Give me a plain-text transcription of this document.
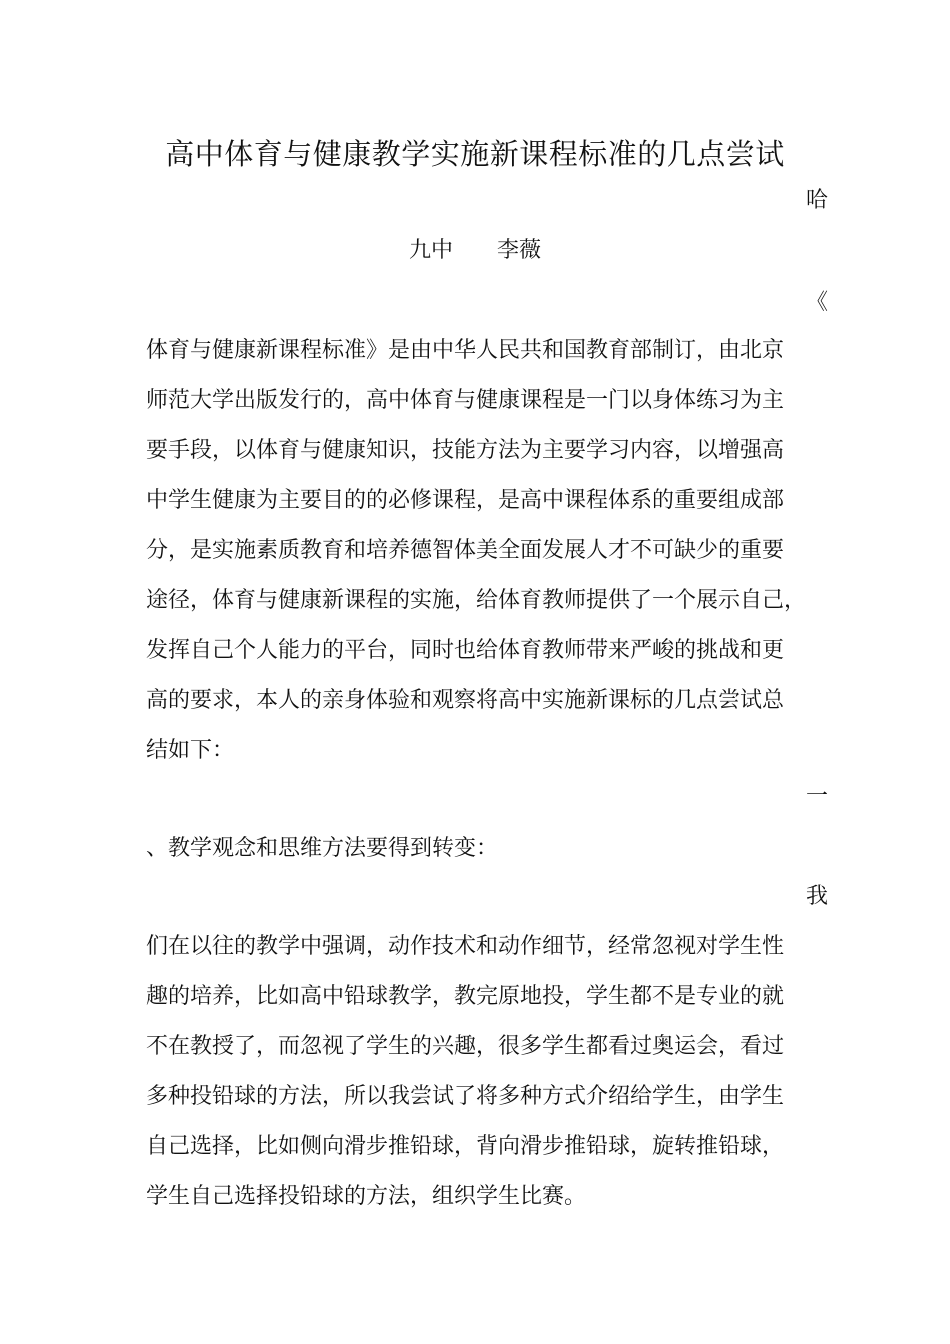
高中体育与健康教学实施新课程标准的几点尝试
哈
九中 李薇
《
体育与健康新课程标准》是由中华人民共和国教育部制订，由北京
师范大学出版发行的，高中体育与健康课程是一门以身体练习为主
要手段，以体育与健康知识，技能方法为主要学习内容，以增强高
中学生健康为主要目的的必修课程，是高中课程体系的重要组成部
分，是实施素质教育和培养德智体美全面发展人才不可缺少的重要
途径，体育与健康新课程的实施，给体育教师提供了一个展示自己，
发挥自己个人能力的平台，同时也给体育教师带来严峻的挑战和更
高的要求，本人的亲身体验和观察将高中实施新课标的几点尝试总
结如下：
一
、教学观念和思维方法要得到转变：
我
们在以往的教学中强调，动作技术和动作细节，经常忽视对学生性
趣的培养，比如高中铅球教学，教完原地投，学生都不是专业的就
不在教授了，而忽视了学生的兴趣，很多学生都看过奥运会，看过
多种投铅球的方法，所以我尝试了将多种方式介绍给学生，由学生
自己选择，比如侧向滑步推铅球，背向滑步推铅球，旋转推铅球，
学生自己选择投铅球的方法，组织学生比赛。
